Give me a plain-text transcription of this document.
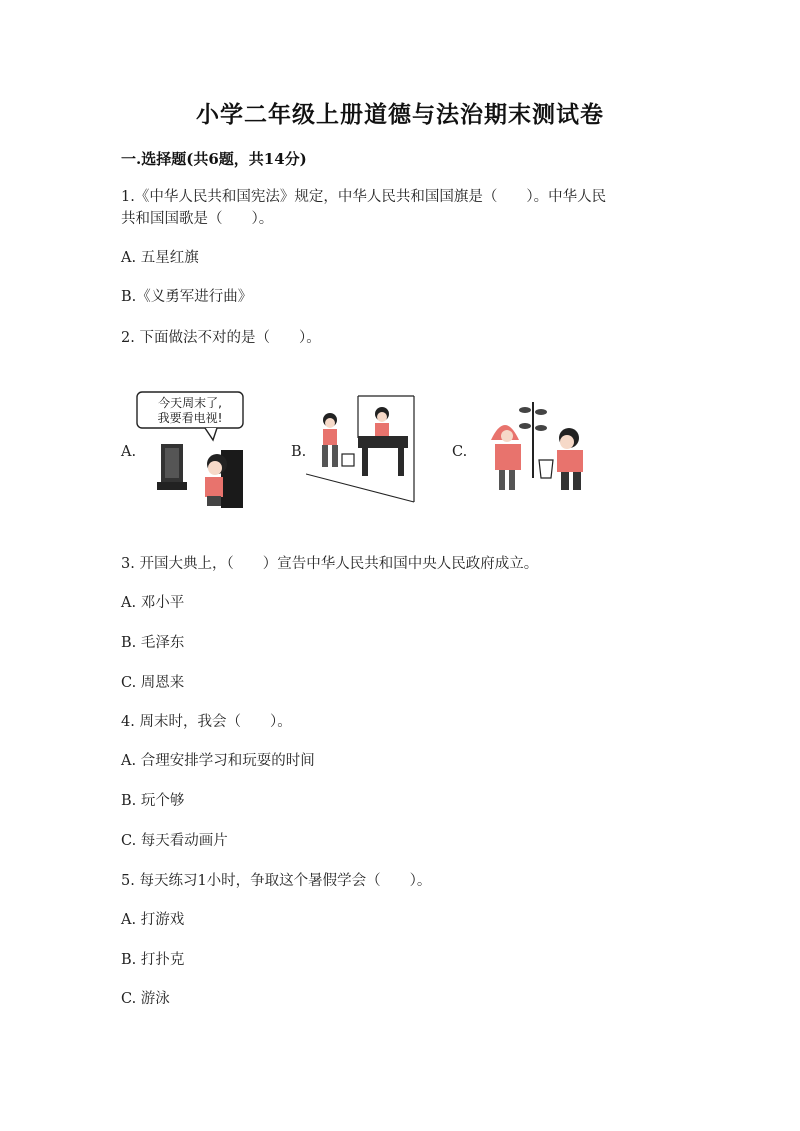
小学二年级上册道德与法治期末测试卷
一.选择题(共6题，共14分)
1.《中华人民共和国宪法》规定，中华人民共和国国旗是（　　）。中华人民
共和国国歌是（　　）。
A. 五星红旗
B.《义勇军进行曲》
2. 下面做法不对的是（　　）。
A.
今天周末了,
我要看电视!
B.	C.
3. 开国大典上，（　　）宣告中华人民共和国中央人民政府成立。
A. 邓小平
B. 毛泽东
C. 周恩来
4. 周末时，我会（　　）。
A. 合理安排学习和玩耍的时间
B. 玩个够
C. 每天看动画片
5. 每天练习1小时，争取这个暑假学会（　　）。
A. 打游戏
B. 打扑克
C. 游泳
